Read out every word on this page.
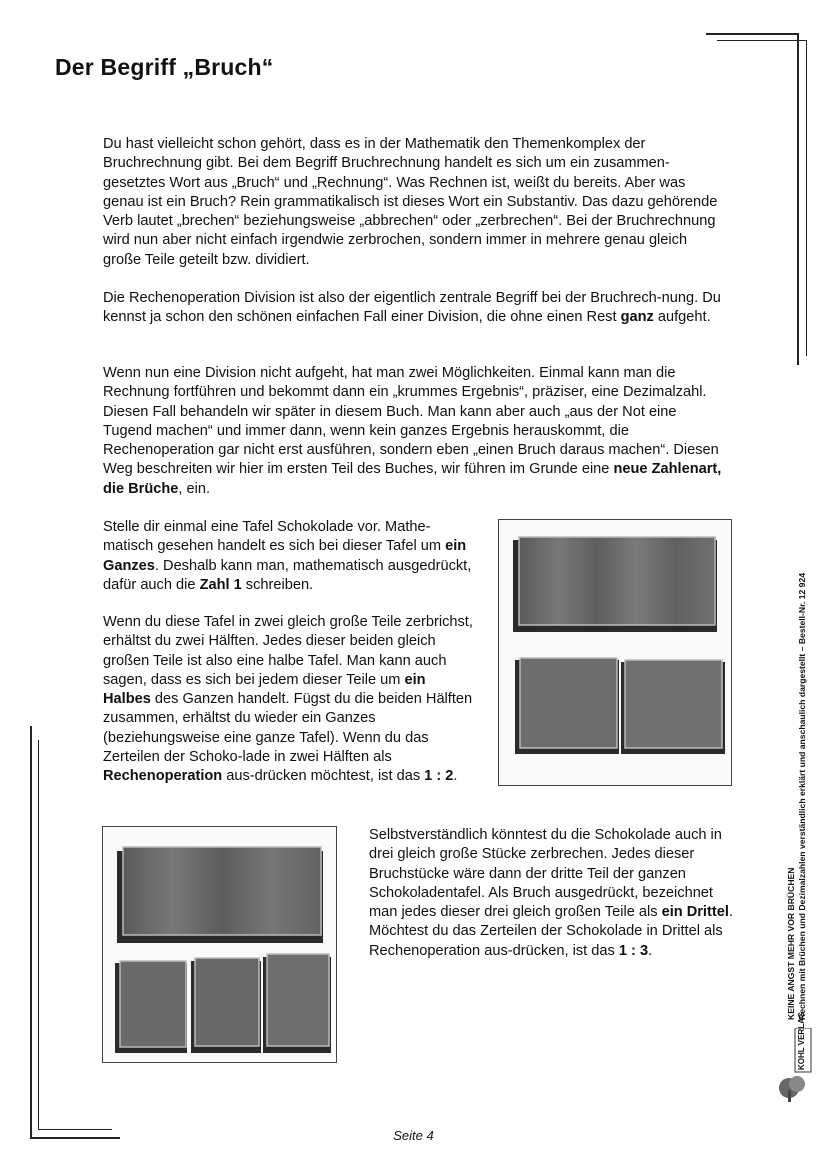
Der Begriff „Bruch“

Du hast vielleicht schon gehört, dass es in der Mathematik den Themenkomplex der Bruchrechnung gibt. Bei dem Begriff Bruchrechnung handelt es sich um ein zusammen-gesetztes Wort aus „Bruch“ und „Rechnung“. Was Rechnen ist, weißt du bereits. Aber was genau ist ein Bruch? Rein grammatikalisch ist dieses Wort ein Substantiv. Das dazu gehörende Verb lautet „brechen“ beziehungsweise „abbrechen“ oder „zerbrechen“. Bei der Bruchrechnung wird nun aber nicht einfach irgendwie zerbrochen, sondern immer in mehrere genau gleich große Teile geteilt bzw. dividiert.

Die Rechenoperation Division ist also der eigentlich zentrale Begriff bei der Bruchrech-nung. Du kennst ja schon den schönen einfachen Fall einer Division, die ohne einen Rest ganz aufgeht.

Wenn nun eine Division nicht aufgeht, hat man zwei Möglichkeiten. Einmal kann man die Rechnung fortführen und bekommt dann ein „krummes Ergebnis“, präziser, eine Dezimalzahl. Diesen Fall behandeln wir später in diesem Buch. Man kann aber auch „aus der Not eine Tugend machen“ und immer dann, wenn kein ganzes Ergebnis herauskommt, die Rechenoperation gar nicht erst ausführen, sondern eben „einen Bruch daraus machen“. Diesen Weg beschreiten wir hier im ersten Teil des Buches, wir führen im Grunde eine neue Zahlenart, die Brüche, ein.

Stelle dir einmal eine Tafel Schokolade vor. Mathe-matisch gesehen handelt es sich bei dieser Tafel um ein Ganzes. Deshalb kann man, mathematisch ausgedrückt, dafür auch die Zahl 1 schreiben.

Wenn du diese Tafel in zwei gleich große Teile zerbrichst, erhältst du zwei Hälften. Jedes dieser beiden gleich großen Teile ist also eine halbe Tafel. Man kann auch sagen, dass es sich bei jedem dieser Teile um ein Halbes des Ganzen handelt. Fügst du die beiden Hälften zusammen, erhältst du wieder ein Ganzes (beziehungsweise eine ganze Tafel). Wenn du das Zerteilen der Schoko-lade in zwei Hälften als Rechenoperation aus-drücken möchtest, ist das 1 : 2.

Selbstverständlich könntest du die Schokolade auch in drei gleich große Stücke zerbrechen. Jedes dieser Bruchstücke wäre dann der dritte Teil der ganzen Schokoladentafel. Als Bruch ausgedrückt, bezeichnet man jedes dieser drei gleich großen Teile als ein Drittel. Möchtest du das Zerteilen der Schokolade in Drittel als Rechenoperation aus-drücken, ist das 1 : 3.	KEINE ANGST MEHR VOR BRÜCHEN Rechnen mit Brüchen und Dezimalzahlen verständlich erklärt und anschaulich dargestellt – Bestell-Nr. 12 924
KOHL VERLAG
Seite 4
